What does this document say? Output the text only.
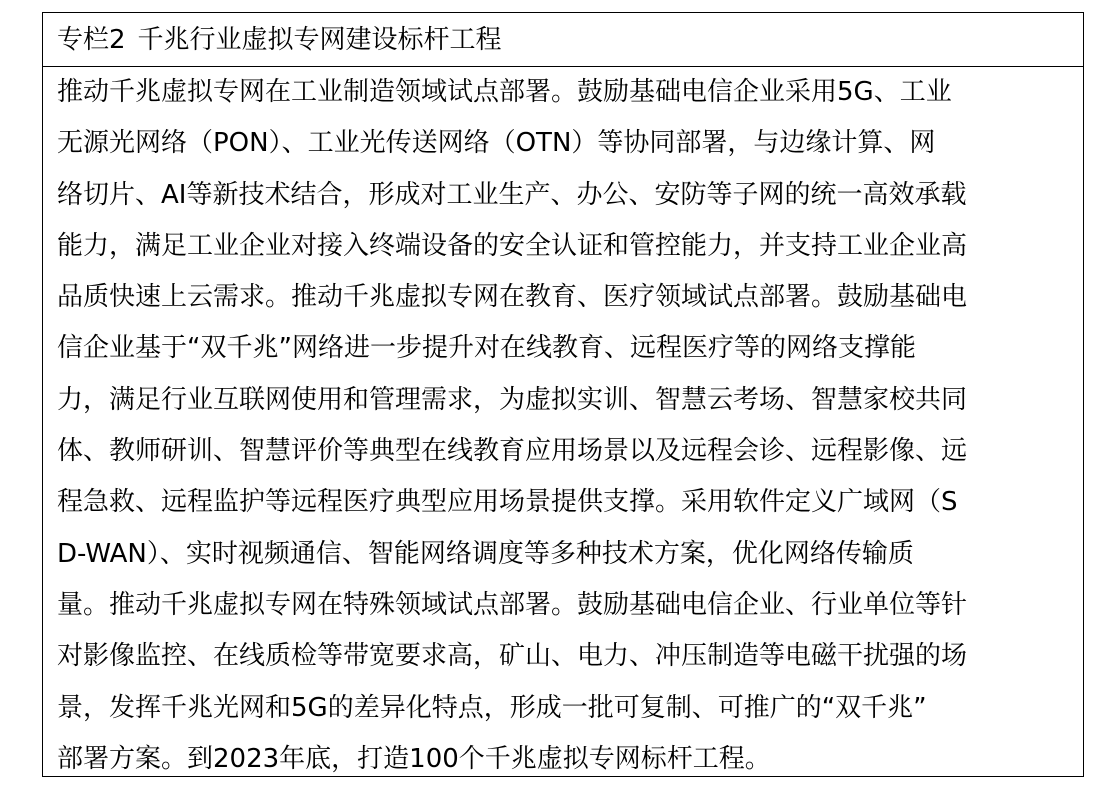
专栏2 千兆行业虚拟专网建设标杆工程
推动千兆虚拟专网在工业制造领域试点部署。鼓励基础电信企业采用5G、工业
无源光网络（PON）、工业光传送网络（OTN）等协同部署，与边缘计算、网
络切片、AI等新技术结合，形成对工业生产、办公、安防等子网的统一高效承载
能力，满足工业企业对接入终端设备的安全认证和管控能力，并支持工业企业高
品质快速上云需求。推动千兆虚拟专网在教育、医疗领域试点部署。鼓励基础电
信企业基于“双千兆”网络进一步提升对在线教育、远程医疗等的网络支撑能
力，满足行业互联网使用和管理需求，为虚拟实训、智慧云考场、智慧家校共同
体、教师研训、智慧评价等典型在线教育应用场景以及远程会诊、远程影像、远
程急救、远程监护等远程医疗典型应用场景提供支撑。采用软件定义广域网（S
D-WAN）、实时视频通信、智能网络调度等多种技术方案，优化网络传输质
量。推动千兆虚拟专网在特殊领域试点部署。鼓励基础电信企业、行业单位等针
对影像监控、在线质检等带宽要求高，矿山、电力、冲压制造等电磁干扰强的场
景，发挥千兆光网和5G的差异化特点，形成一批可复制、可推广的“双千兆”
部署方案。到2023年底，打造100个千兆虚拟专网标杆工程。
